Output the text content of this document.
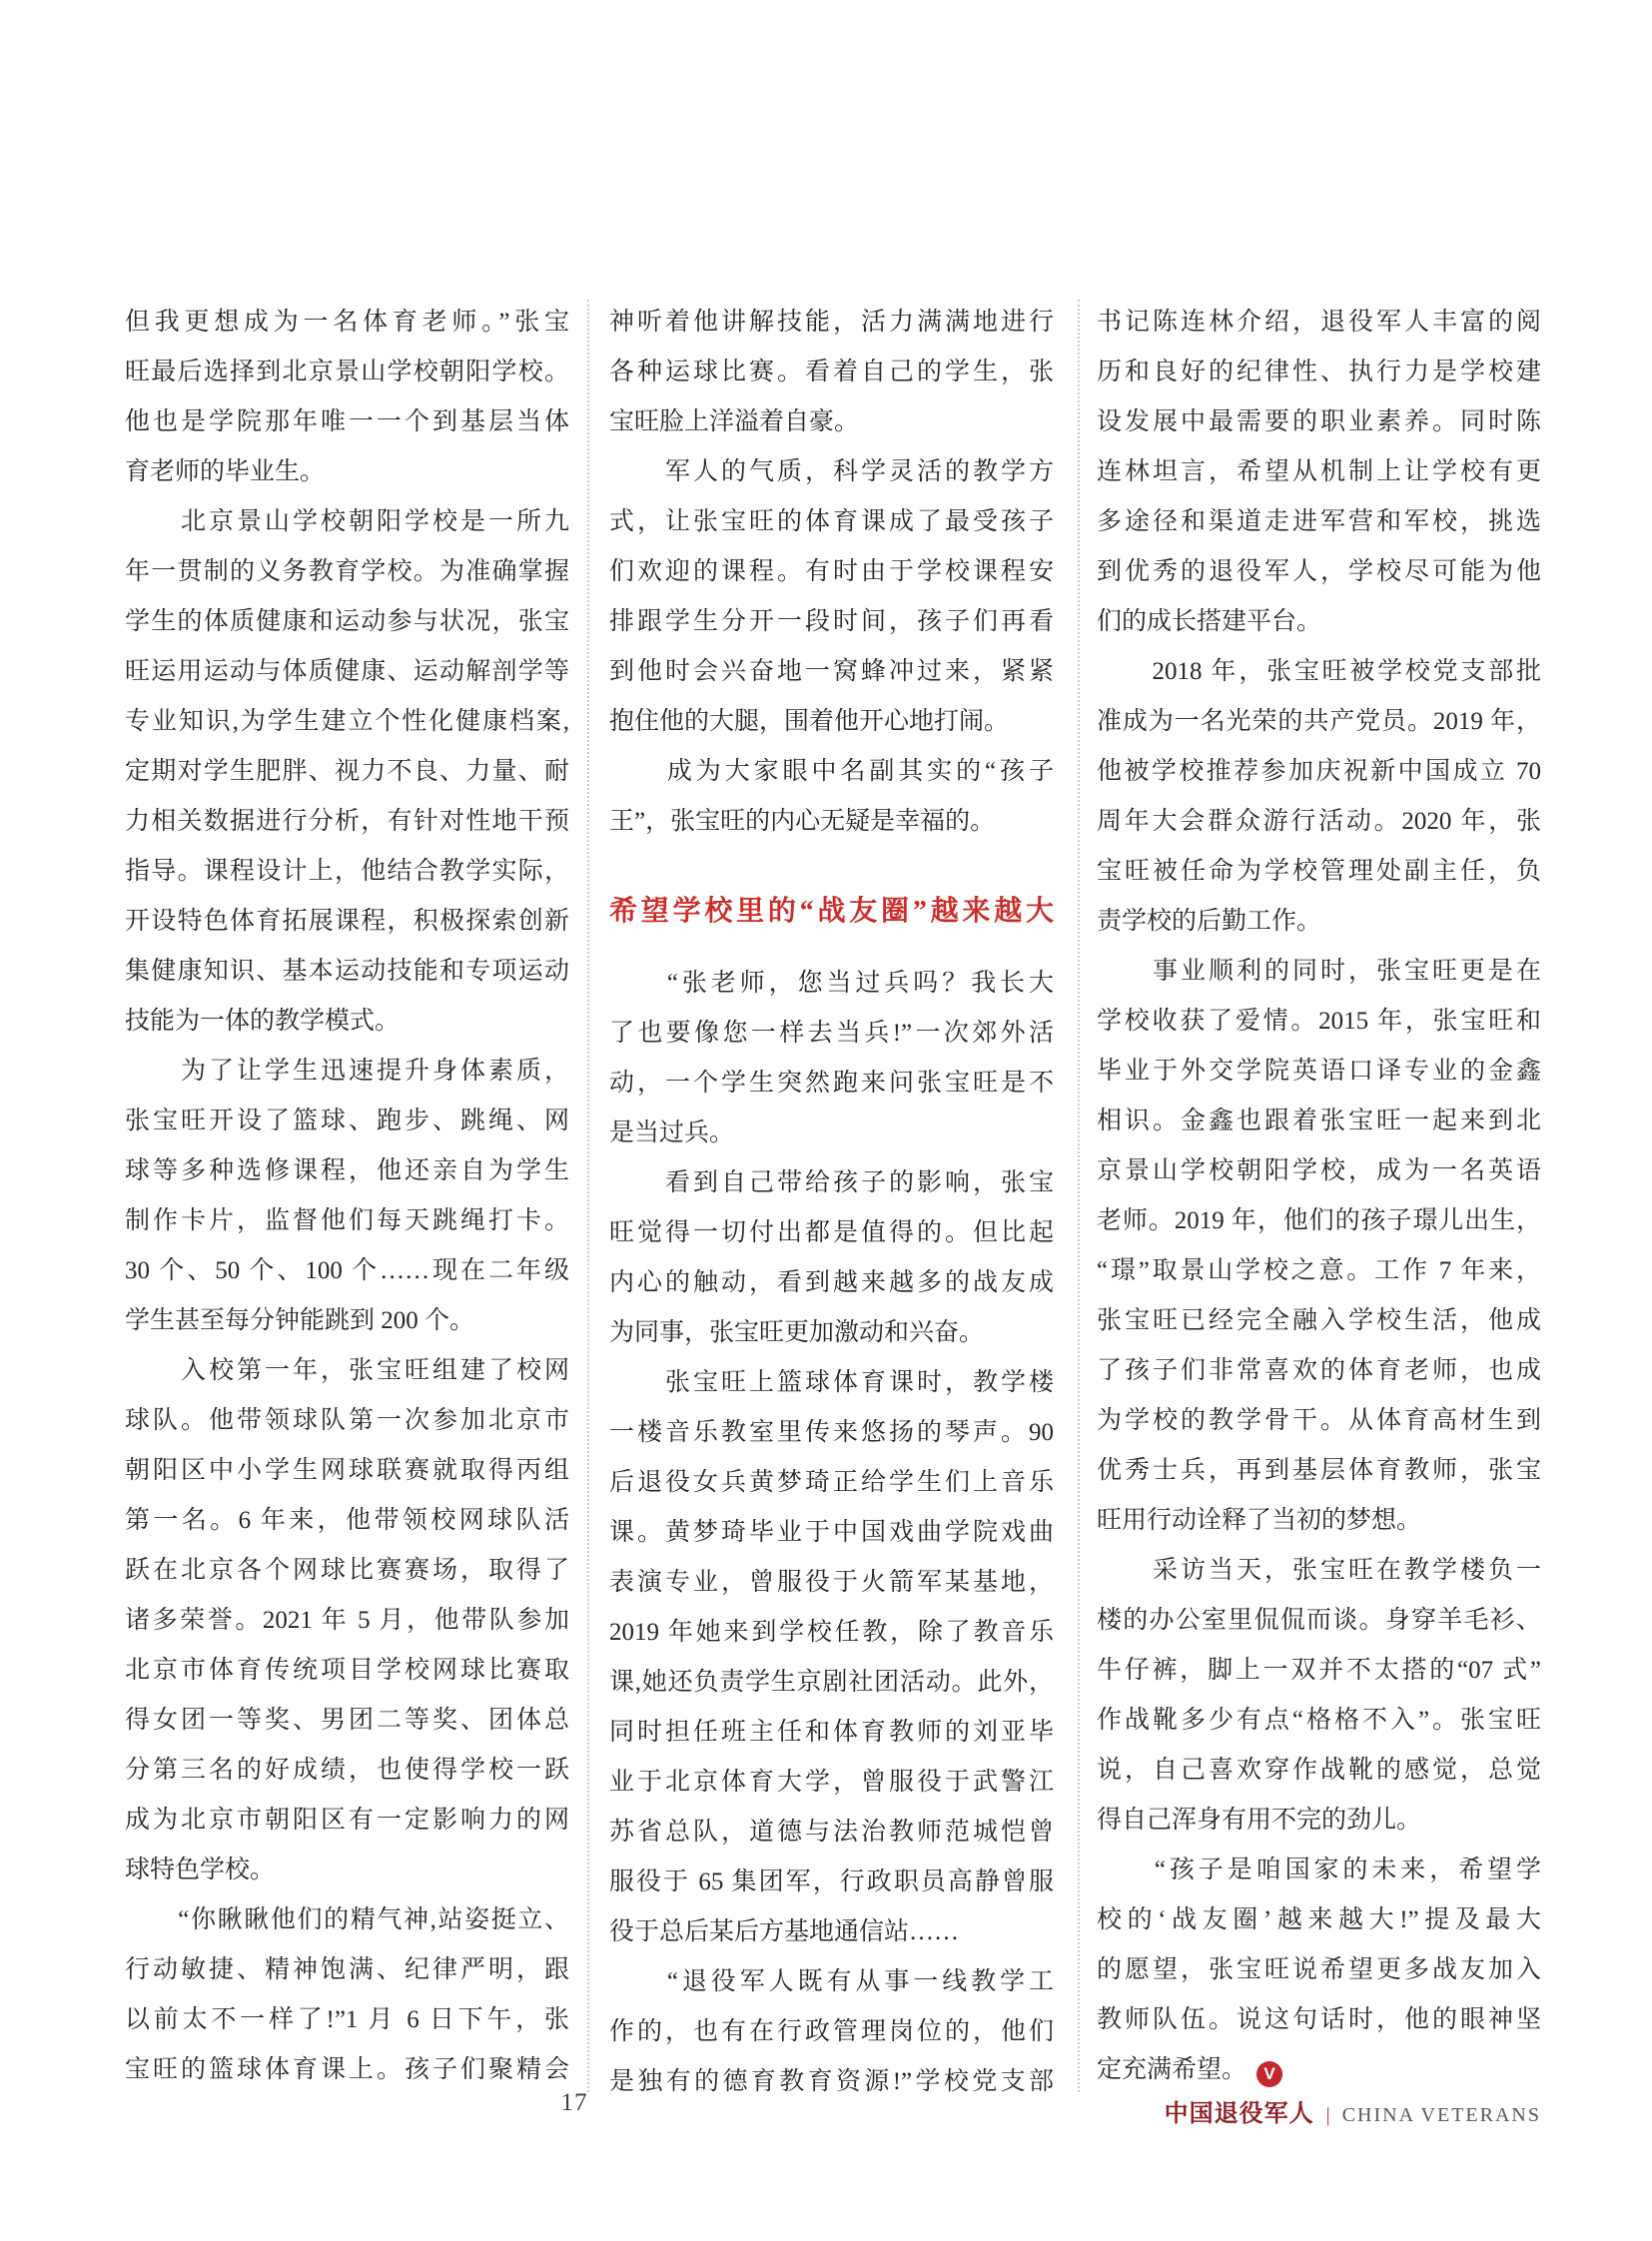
但我更想成为一名体育老师。”张宝
旺最后选择到北京景山学校朝阳学校。
他也是学院那年唯一一个到基层当体
育老师的毕业生。
　　北京景山学校朝阳学校是一所九
年一贯制的义务教育学校。为准确掌握
学生的体质健康和运动参与状况，张宝
旺运用运动与体质健康、运动解剖学等
专业知识,为学生建立个性化健康档案,
定期对学生肥胖、视力不良、力量、耐
力相关数据进行分析，有针对性地干预
指导。课程设计上，他结合教学实际，
开设特色体育拓展课程，积极探索创新
集健康知识、基本运动技能和专项运动
技能为一体的教学模式。
　　为了让学生迅速提升身体素质，
张宝旺开设了篮球、跑步、跳绳、网
球等多种选修课程，他还亲自为学生
制作卡片，监督他们每天跳绳打卡。
30 个、50 个、100 个……现在二年级
学生甚至每分钟能跳到 200 个。
　　入校第一年，张宝旺组建了校网
球队。他带领球队第一次参加北京市
朝阳区中小学生网球联赛就取得丙组
第一名。6 年来，他带领校网球队活
跃在北京各个网球比赛赛场，取得了
诸多荣誉。2021 年 5 月，他带队参加
北京市体育传统项目学校网球比赛取
得女团一等奖、男团二等奖、团体总
分第三名的好成绩，也使得学校一跃
成为北京市朝阳区有一定影响力的网
球特色学校。
　　“你瞅瞅他们的精气神,站姿挺立、
行动敏捷、精神饱满、纪律严明，跟
以前太不一样了!”1 月 6 日下午，张
宝旺的篮球体育课上。孩子们聚精会
神听着他讲解技能，活力满满地进行
各种运球比赛。看着自己的学生，张
宝旺脸上洋溢着自豪。
　　军人的气质，科学灵活的教学方
式，让张宝旺的体育课成了最受孩子
们欢迎的课程。有时由于学校课程安
排跟学生分开一段时间，孩子们再看
到他时会兴奋地一窝蜂冲过来，紧紧
抱住他的大腿，围着他开心地打闹。
　　成为大家眼中名副其实的“孩子
王”，张宝旺的内心无疑是幸福的。
希望学校里的“战友圈”越来越大
　　“张老师，您当过兵吗？我长大
了也要像您一样去当兵!”一次郊外活
动，一个学生突然跑来问张宝旺是不
是当过兵。
　　看到自己带给孩子的影响，张宝
旺觉得一切付出都是值得的。但比起
内心的触动，看到越来越多的战友成
为同事，张宝旺更加激动和兴奋。
　　张宝旺上篮球体育课时，教学楼
一楼音乐教室里传来悠扬的琴声。90
后退役女兵黄梦琦正给学生们上音乐
课。黄梦琦毕业于中国戏曲学院戏曲
表演专业，曾服役于火箭军某基地，
2019 年她来到学校任教，除了教音乐
课,她还负责学生京剧社团活动。此外，
同时担任班主任和体育教师的刘亚毕
业于北京体育大学，曾服役于武警江
苏省总队，道德与法治教师范城恺曾
服役于 65 集团军，行政职员高静曾服
役于总后某后方基地通信站……
　　“退役军人既有从事一线教学工
作的，也有在行政管理岗位的，他们
是独有的德育教育资源!”学校党支部
书记陈连林介绍，退役军人丰富的阅
历和良好的纪律性、执行力是学校建
设发展中最需要的职业素养。同时陈
连林坦言，希望从机制上让学校有更
多途径和渠道走进军营和军校，挑选
到优秀的退役军人，学校尽可能为他
们的成长搭建平台。
　　2018 年，张宝旺被学校党支部批
准成为一名光荣的共产党员。2019 年，
他被学校推荐参加庆祝新中国成立 70
周年大会群众游行活动。2020 年，张
宝旺被任命为学校管理处副主任，负
责学校的后勤工作。
　　事业顺利的同时，张宝旺更是在
学校收获了爱情。2015 年，张宝旺和
毕业于外交学院英语口译专业的金鑫
相识。金鑫也跟着张宝旺一起来到北
京景山学校朝阳学校，成为一名英语
老师。2019 年，他们的孩子璟儿出生，
“璟”取景山学校之意。工作 7 年来，
张宝旺已经完全融入学校生活，他成
了孩子们非常喜欢的体育老师，也成
为学校的教学骨干。从体育高材生到
优秀士兵，再到基层体育教师，张宝
旺用行动诠释了当初的梦想。
　　采访当天，张宝旺在教学楼负一
楼的办公室里侃侃而谈。身穿羊毛衫、
牛仔裤，脚上一双并不太搭的“07 式”
作战靴多少有点“格格不入”。张宝旺
说，自己喜欢穿作战靴的感觉，总觉
得自己浑身有用不完的劲儿。
　　“孩子是咱国家的未来，希望学
校的‘战友圈’越来越大!”提及最大
的愿望，张宝旺说希望更多战友加入
教师队伍。说这句话时，他的眼神坚
定充满希望。 V
17	中国退役军人 | CHINA VETERANS
